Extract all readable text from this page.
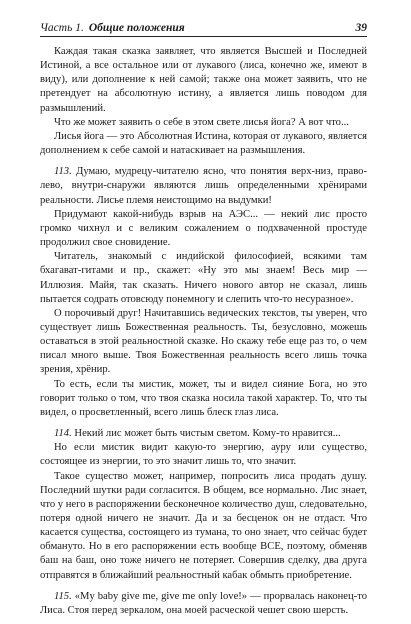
Часть 1. Общие положения	39

Каждая такая сказка заявляет, что является Высшей и Последней Истиной, а все остальное или от лукавого (лиса, конечно же, имеют в виду), или дополнение к ней самой; также она может заявить, что не претендует на абсолютную истину, а является лишь поводом для размышлений.

Что же может заявить о себе в этом свете лисья йога? А вот что...

Лисья йога — это Абсолютная Истина, которая от лукавого, является дополнением к себе самой и натаскивает на размышления.

113. Думаю, мудрецу-читателю ясно, что понятия верх-низ, право-лево, внутри-снаружи являются лишь определенными хрёнирами реальности. Лисье племя неистощимо на выдумки!

Придумают какой-нибудь взрыв на АЭС... — некий лис просто громко чихнул и с великим сожалением о подхваченной простуде продолжил свое сновидение.

Читатель, знакомый с индийской философией, всякими там бхагават-гитами и пр., скажет: «Ну это мы знаем! Весь мир — Иллюзия. Майя, так сказать. Ничего нового автор не сказал, лишь пытается содрать отовсюду понемногу и слепить что-то несуразное».

О порочивый друг! Начитавшись ведических текстов, ты уверен, что существует лишь Божественная реальность. Ты, безусловно, можешь оставаться в этой реальностной сказке. Но скажу тебе еще раз то, о чем писал много выше. Твоя Божественная реальность всего лишь точка зрения, хрёнир.

То есть, если ты мистик, может, ты и видел сияние Бога, но это говорит только о том, что твоя сказка носила такой характер. То, что ты видел, о просветленный, всего лишь блеск глаз лиса.

114. Некий лис может быть чистым светом. Кому-то нравится...

Но если мистик видит какую-то энергию, ауру или существо, состоящее из энергии, то это значит лишь то, что значит.

Такое существо может, например, попросить лиса продать душу. Последний шутки ради согласится. В общем, все нормально. Лис знает, что у него в распоряжении бесконечное количество душ, следовательно, потеря одной ничего не значит. Да и за бесценок он не отдаст. Что касается существа, состоящего из тумана, то оно знает, что сейчас будет обмануто. Но в его распоряжении есть вообще ВСЕ, поэтому, обменяв баш на баш, оно тоже ничего не потеряет. Совершив сделку, два друга отправятся в ближайший реальностный кабак обмыть приобретение.

115. «My baby give me, give me only love!» — прорвалась наконец-то Лиса. Стоя перед зеркалом, она моей расческой чешет свою шерсть.
